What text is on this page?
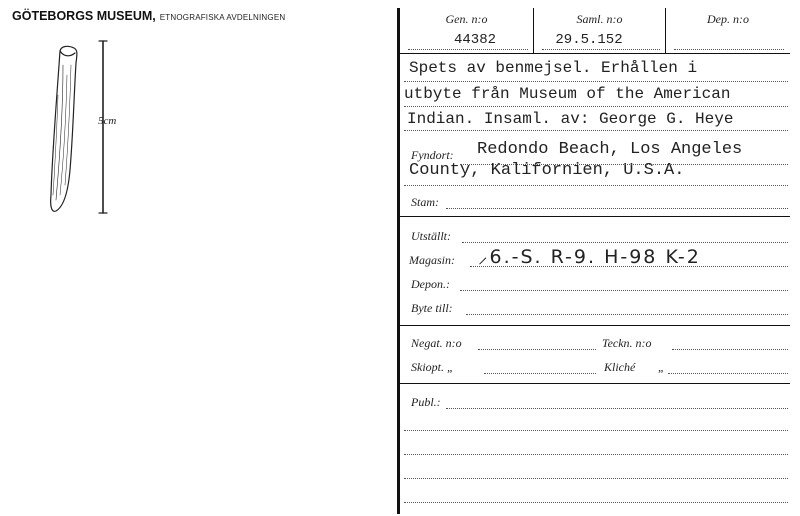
GÖTEBORGS MUSEUM, ETNOGRAFISKA AVDELNINGEN
5cm
Gen. n:o	Saml. n:o	Dep. n:o
44382	29.5.152
Spets av benmejsel. Erhållen i
utbyte från Museum of the American
Indian. Insaml. av: George G. Heye
Fyndort: Redondo Beach, Los Angeles
County, Kalifornien, U.S.A.
Stam:
Utställt:
Magasin: ⸝6.-S. R-9. H-98 K-2
Depon.:
Byte till:
Negat. n:o	Teckn. n:o
Skiopt. „	Kliché „
Publ.:
